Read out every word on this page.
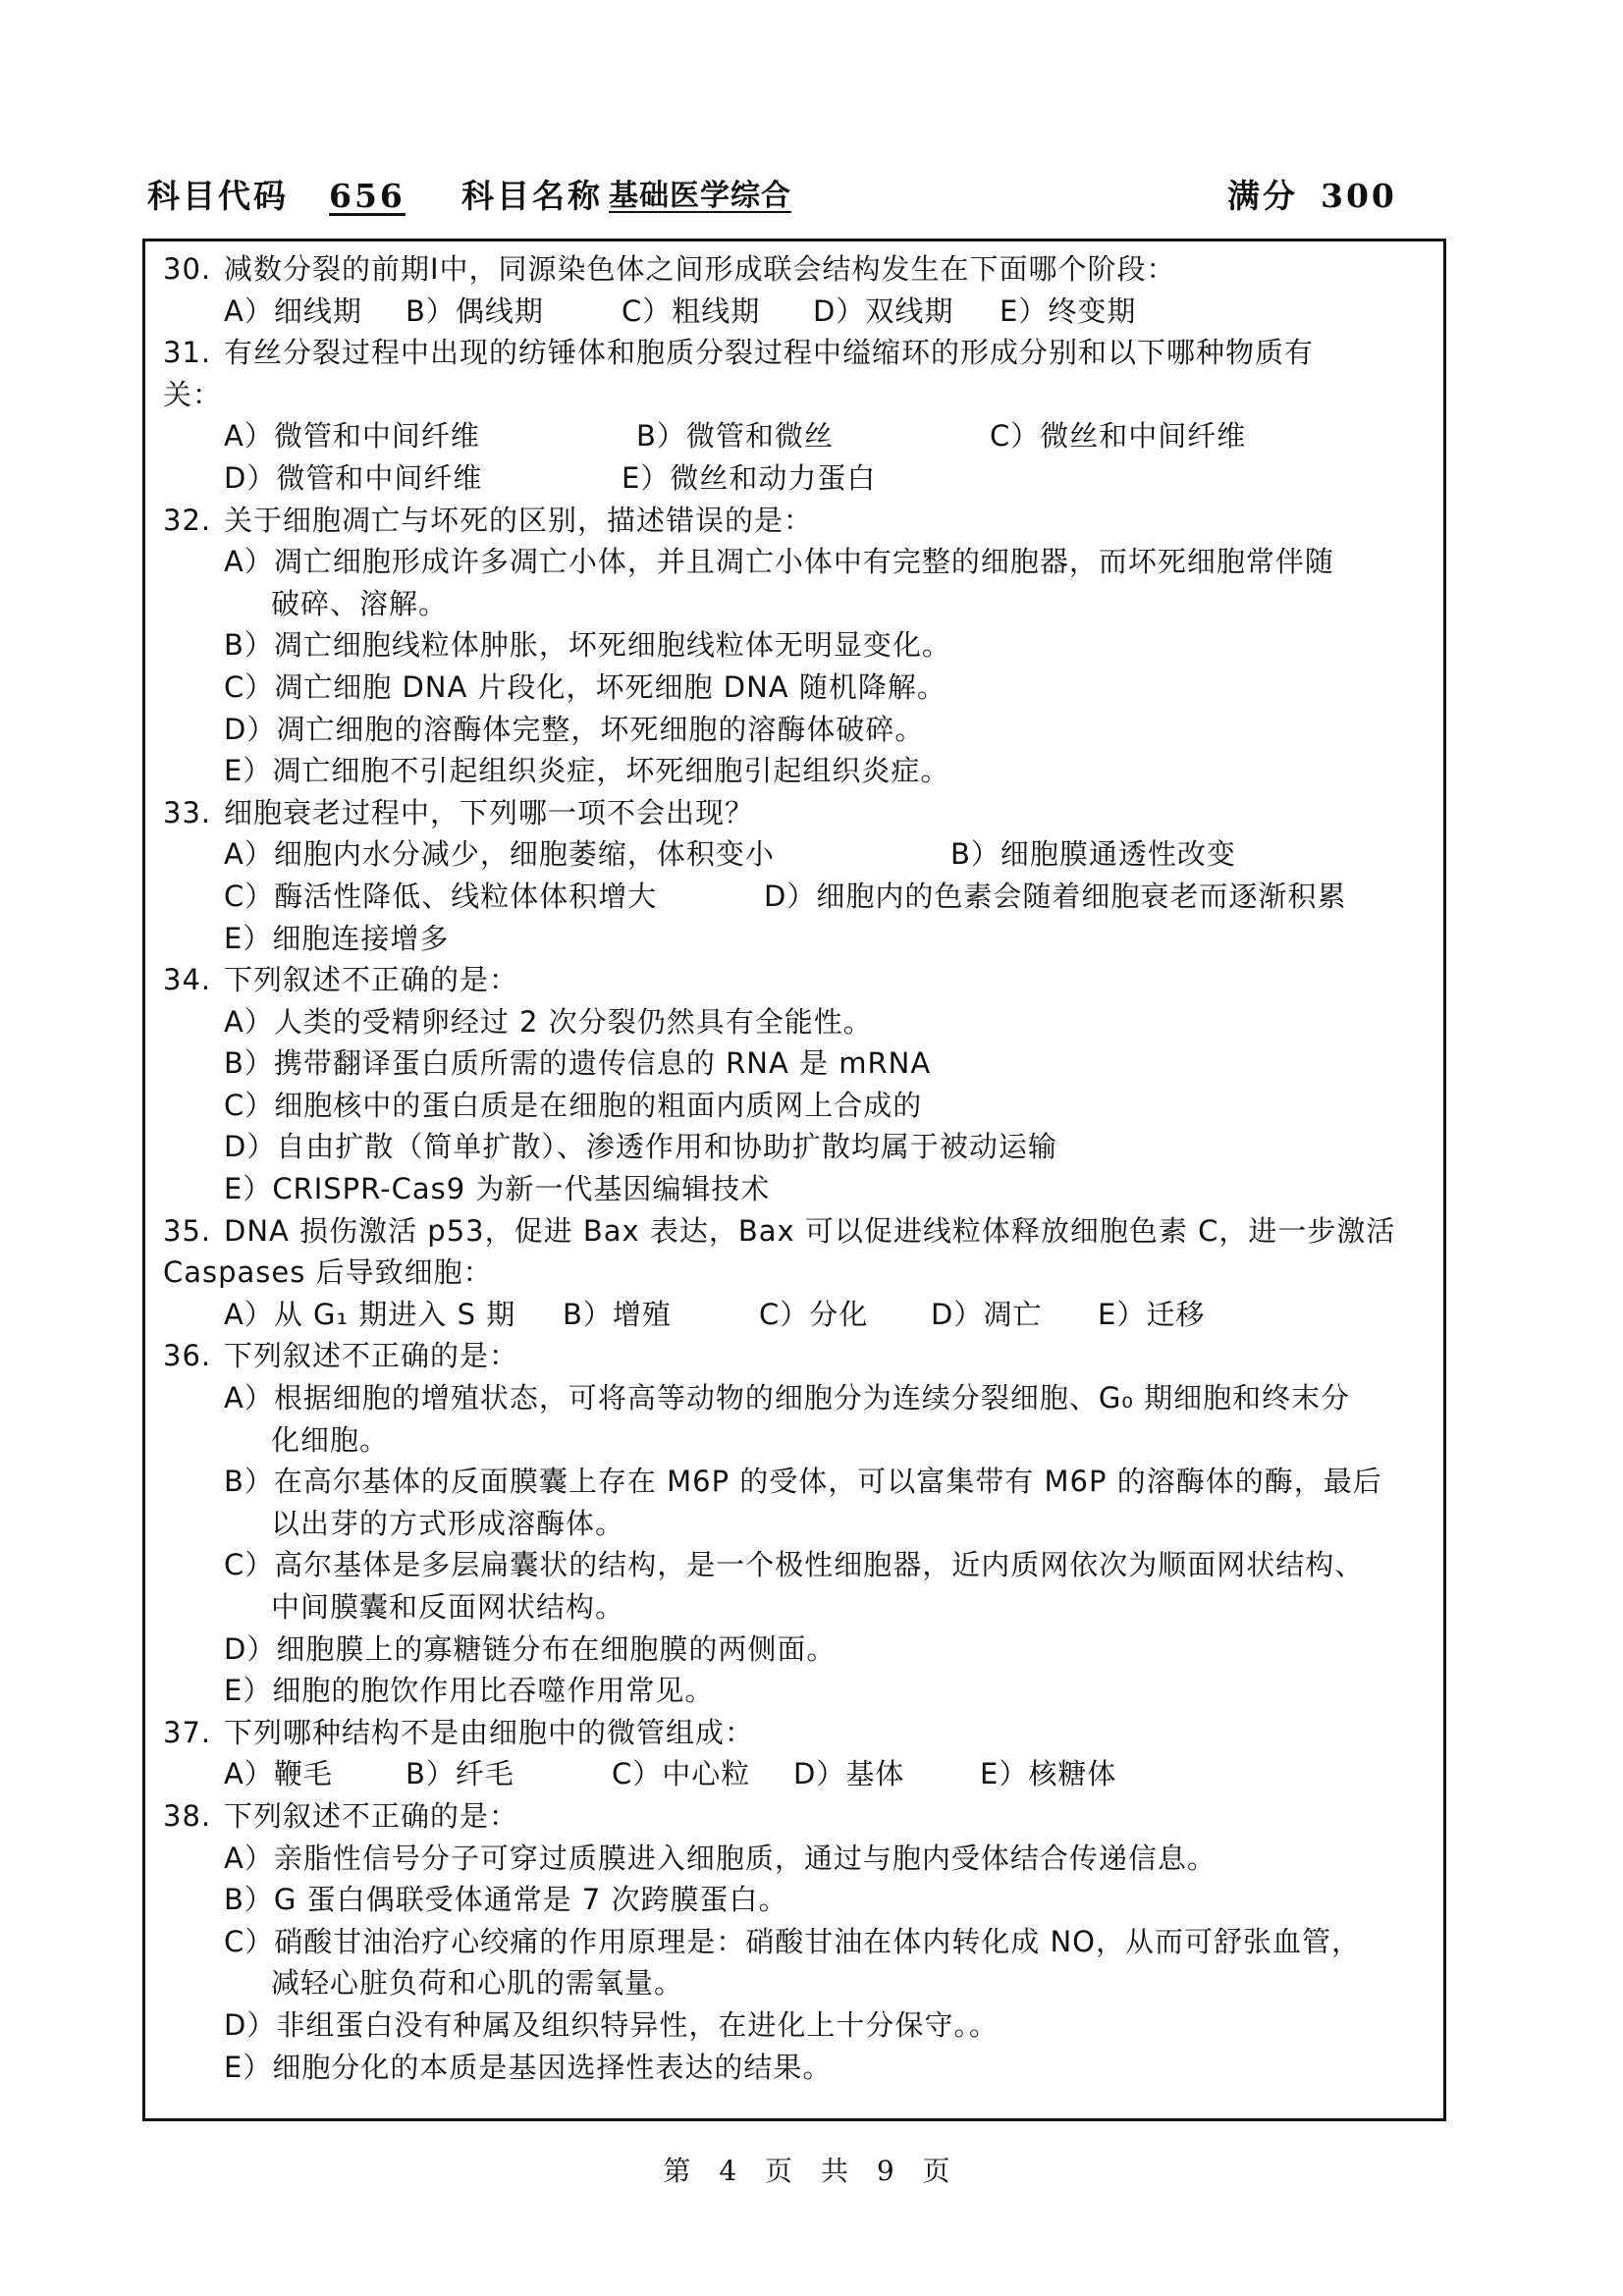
科目代码 656 科目名称 基础医学综合	满分 300
30. 减数分裂的前期Ⅰ中，同源染色体之间形成联会结构发生在下面哪个阶段：
A）细线期 B）偶线期	C）粗线期 D）双线期 E）终变期
31. 有丝分裂过程中出现的纺锤体和胞质分裂过程中缢缩环的形成分别和以下哪种物质有
关：
A）微管和中间纤维	B）微管和微丝	C）微丝和中间纤维
D）微管和中间纤维	E）微丝和动力蛋白
32. 关于细胞凋亡与坏死的区别，描述错误的是：
A）凋亡细胞形成许多凋亡小体，并且凋亡小体中有完整的细胞器，而坏死细胞常伴随
破碎、溶解。
B）凋亡细胞线粒体肿胀，坏死细胞线粒体无明显变化。
C）凋亡细胞 DNA 片段化，坏死细胞 DNA 随机降解。
D）凋亡细胞的溶酶体完整，坏死细胞的溶酶体破碎。
E）凋亡细胞不引起组织炎症，坏死细胞引起组织炎症。
33. 细胞衰老过程中，下列哪一项不会出现？
A）细胞内水分减少，细胞萎缩，体积变小	B）细胞膜通透性改变
C）酶活性降低、线粒体体积增大	D）细胞内的色素会随着细胞衰老而逐渐积累
E）细胞连接增多
34. 下列叙述不正确的是：
A）人类的受精卵经过 2 次分裂仍然具有全能性。
B）携带翻译蛋白质所需的遗传信息的 RNA 是 mRNA
C）细胞核中的蛋白质是在细胞的粗面内质网上合成的
D）自由扩散（简单扩散）、渗透作用和协助扩散均属于被动运输
E）CRISPR-Cas9 为新一代基因编辑技术
35. DNA 损伤激活 p53，促进 Bax 表达，Bax 可以促进线粒体释放细胞色素 C，进一步激活
Caspases 后导致细胞：
A）从 G₁ 期进入 S 期 B）增殖	C）分化 D）凋亡 E）迁移
36. 下列叙述不正确的是：
A）根据细胞的增殖状态，可将高等动物的细胞分为连续分裂细胞、G₀ 期细胞和终末分
化细胞。
B）在高尔基体的反面膜囊上存在 M6P 的受体，可以富集带有 M6P 的溶酶体的酶，最后
以出芽的方式形成溶酶体。
C）高尔基体是多层扁囊状的结构，是一个极性细胞器，近内质网依次为顺面网状结构、
中间膜囊和反面网状结构。
D）细胞膜上的寡糖链分布在细胞膜的两侧面。
E）细胞的胞饮作用比吞噬作用常见。
37. 下列哪种结构不是由细胞中的微管组成：
A）鞭毛	B）纤毛	C）中心粒 D）基体	E）核糖体
38. 下列叙述不正确的是：
A）亲脂性信号分子可穿过质膜进入细胞质，通过与胞内受体结合传递信息。
B）G 蛋白偶联受体通常是 7 次跨膜蛋白。
C）硝酸甘油治疗心绞痛的作用原理是：硝酸甘油在体内转化成 NO，从而可舒张血管，
减轻心脏负荷和心肌的需氧量。
D）非组蛋白没有种属及组织特异性，在进化上十分保守。。
E）细胞分化的本质是基因选择性表达的结果。
第 4 页 共 9 页
